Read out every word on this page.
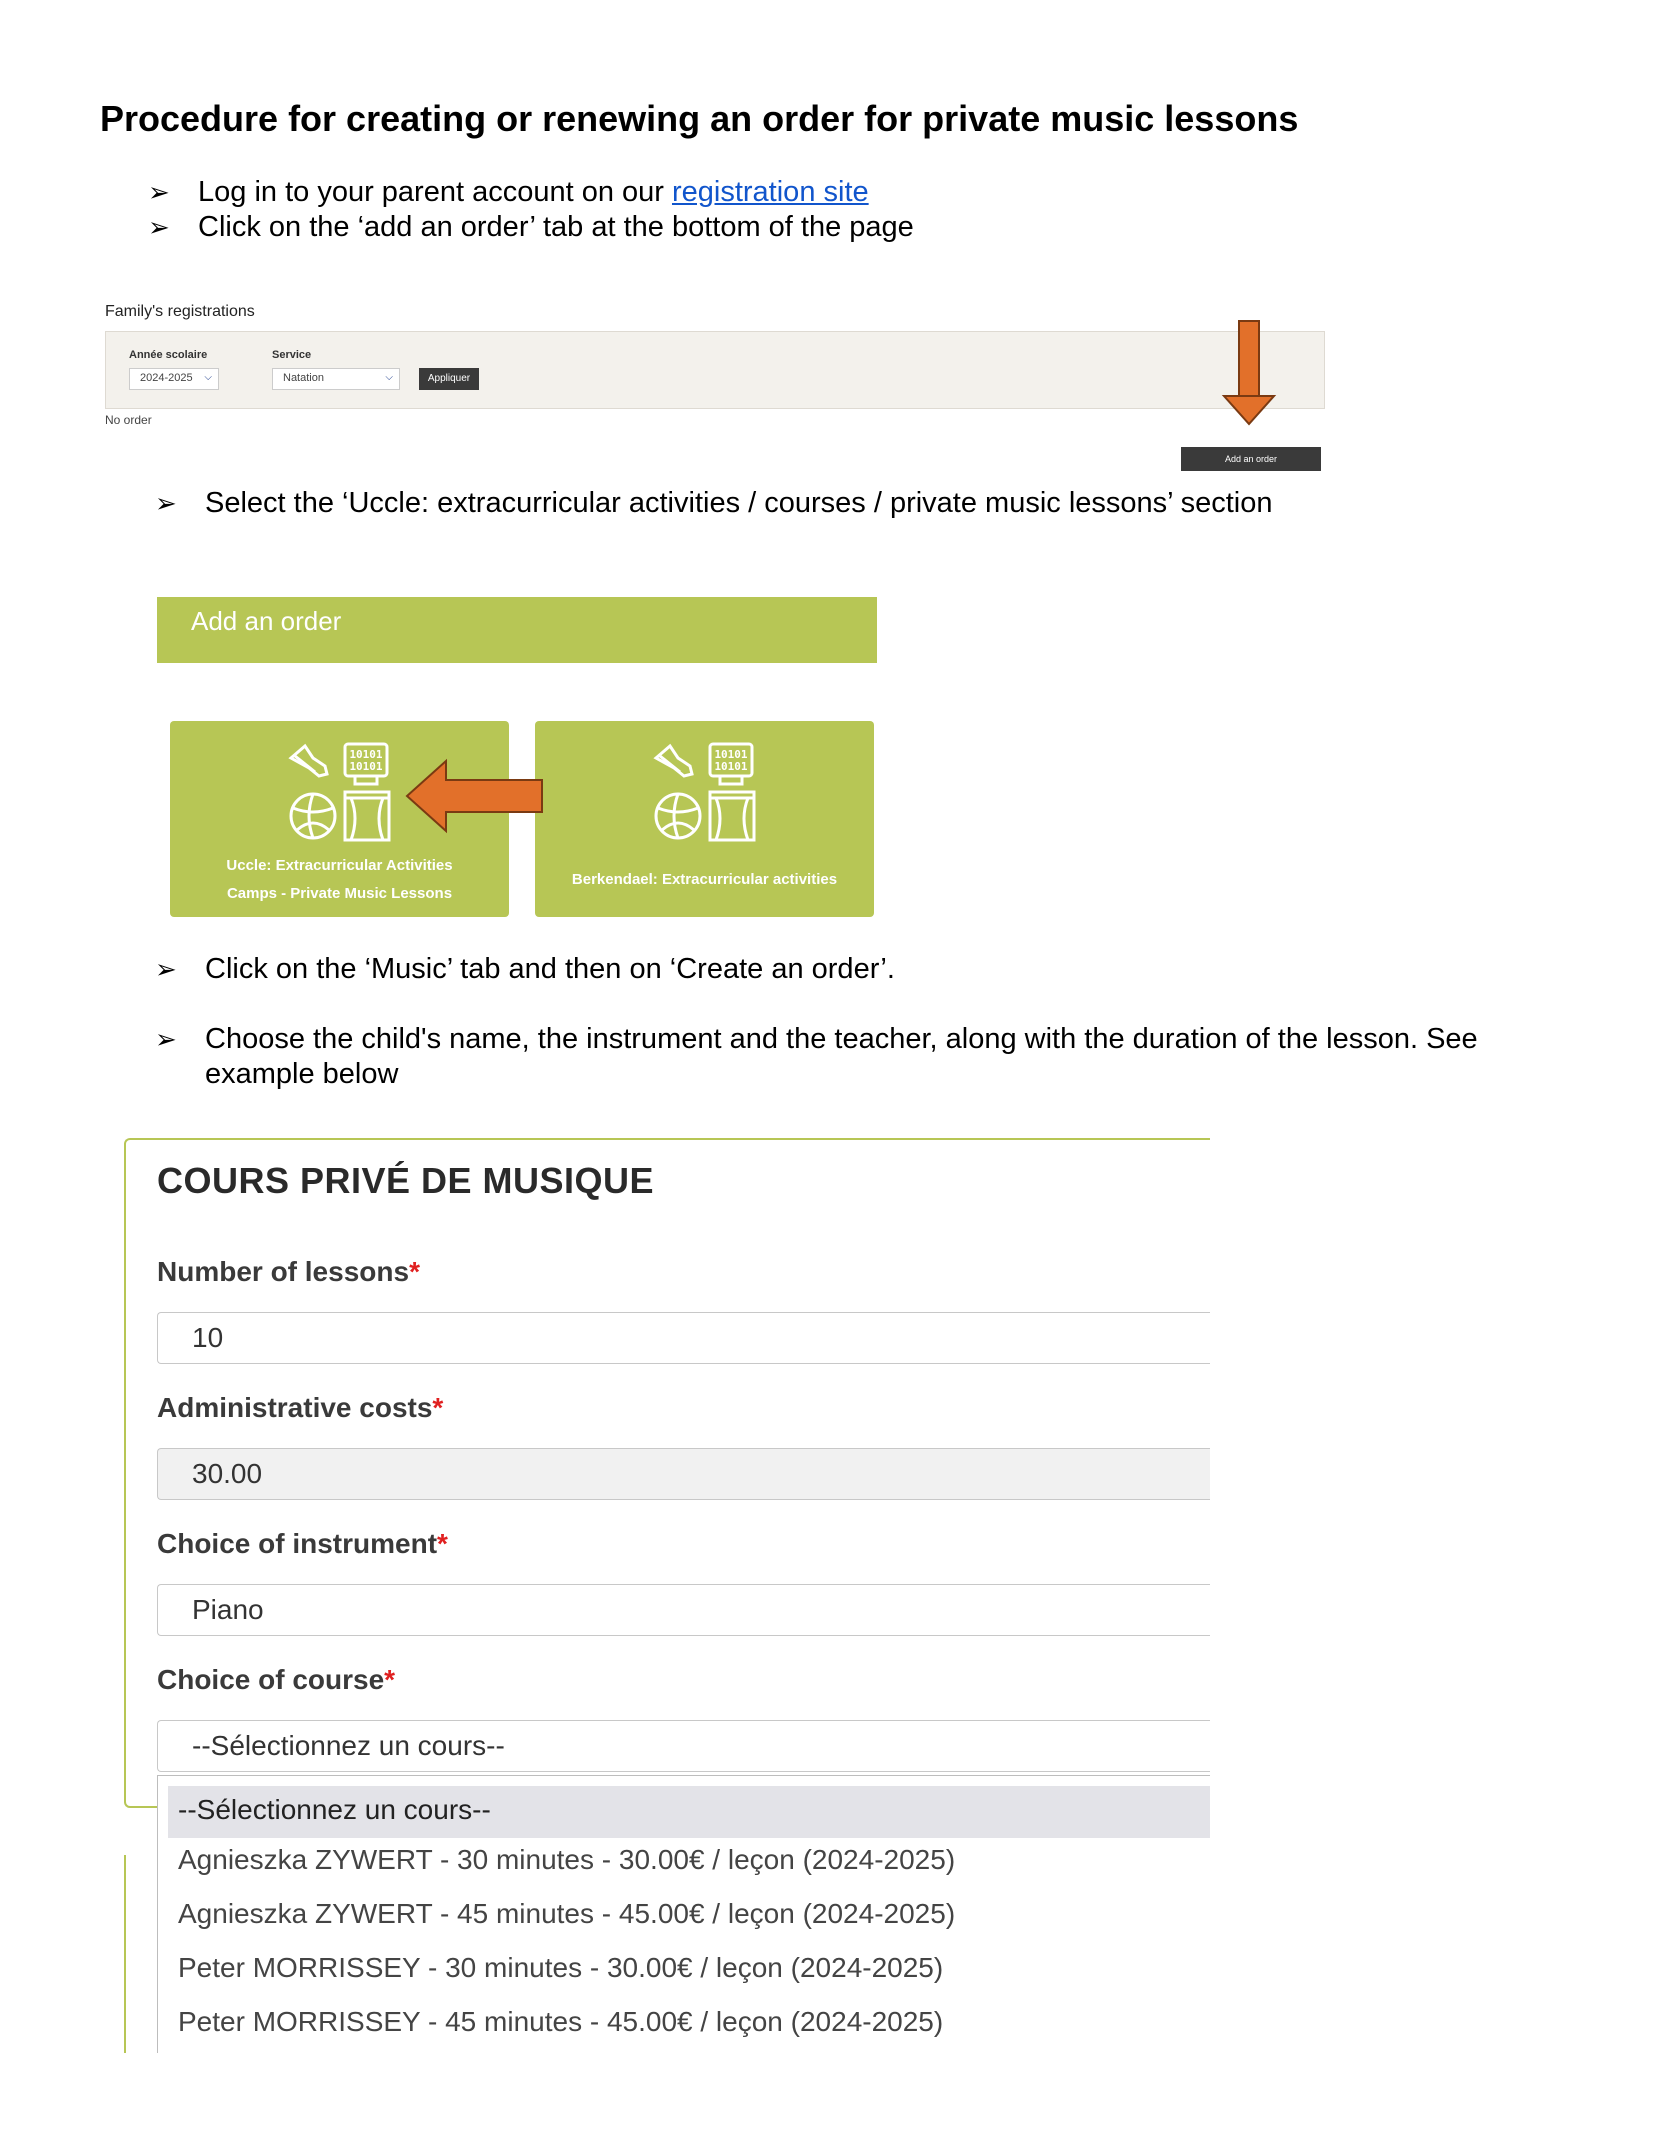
Procedure for creating or renewing an order for private music lessons
➢ Log in to your parent account on our registration site
➢ Click on the ‘add an order’ tab at the bottom of the page
Family's registrations
Année scolaire
2024-2025 ⌵
Service
Natation	⌵	Appliquer
No order
Add an order
➢ Select the ‘Uccle: extracurricular activities / courses / private music lessons’ section
Add an order
10101
10101
Uccle: Extracurricular Activities
Camps - Private Music Lessons
10101
10101
Berkendael: Extracurricular activities
➢ Click on the ‘Music’ tab and then on ‘Create an order’.
➢ Choose the child's name, the instrument and the teacher, along with the duration of the lesson. See
example below
COURS PRIVÉ DE MUSIQUE
Number of lessons*
10
Administrative costs*
30.00
Choice of instrument*
Piano
Choice of course*
--Sélectionnez un cours--
--Sélectionnez un cours--
Agnieszka ZYWERT - 30 minutes - 30.00€ / leçon (2024-2025)
Agnieszka ZYWERT - 45 minutes - 45.00€ / leçon (2024-2025)
Peter MORRISSEY - 30 minutes - 30.00€ / leçon (2024-2025)
Peter MORRISSEY - 45 minutes - 45.00€ / leçon (2024-2025)
